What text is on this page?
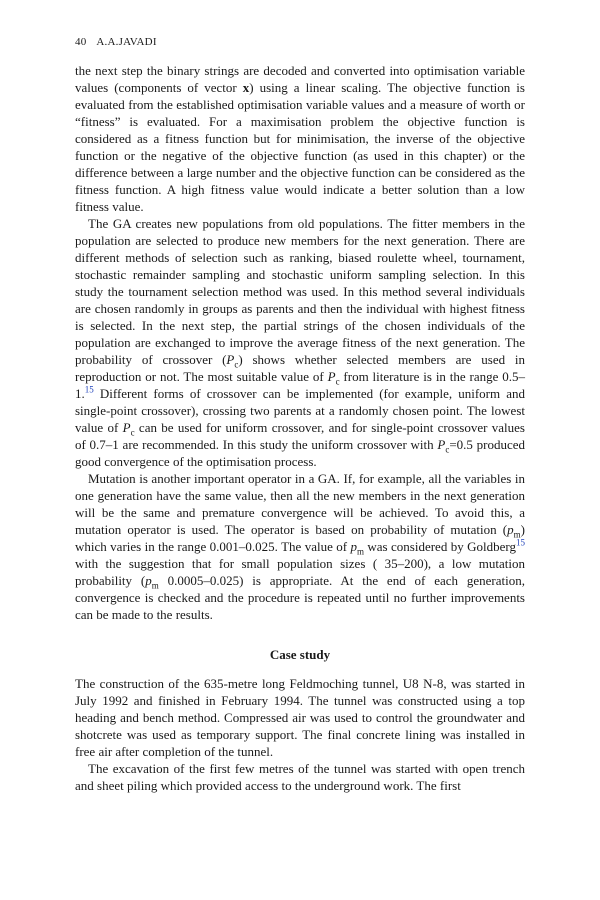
40 A.A.JAVADI

the next step the binary strings are decoded and converted into optimisation variable values (components of vector x) using a linear scaling. The objective function is evaluated from the established optimisation variable values and a measure of worth or “fitness” is evaluated. For a maximisation problem the objective function is considered as a fitness function but for minimisation, the inverse of the objective function or the negative of the objective function (as used in this chapter) or the difference between a large number and the objective function can be considered as the fitness function. A high fitness value would indicate a better solution than a low fitness value.

The GA creates new populations from old populations. The fitter members in the population are selected to produce new members for the next generation. There are different methods of selection such as ranking, biased roulette wheel, tournament, stochastic remainder sampling and stochastic uniform sampling selection. In this study the tournament selection method was used. In this method several individuals are chosen randomly in groups as parents and then the individual with highest fitness is selected. In the next step, the partial strings of the chosen individuals of the population are exchanged to improve the average fitness of the next generation. The probability of crossover $(P_c)$ shows whether selected members are used in reproduction or not. The most suitable value of $P_c$ from literature is in the range 0.5–1.15 Different forms of crossover can be implemented (for example, uniform and single-point crossover), crossing two parents at a randomly chosen point. The lowest value of $P_c$ can be used for uniform crossover, and for single-point crossover values of 0.7–1 are recommended. In this study the uniform crossover with $P_c=0.5$ produced good convergence of the optimisation process.

Mutation is another important operator in a GA. If, for example, all the variables in one generation have the same value, then all the new members in the next generation will be the same and premature convergence will be achieved. To avoid this, a mutation operator is used. The operator is based on probability of mutation $(p_m)$ which varies in the range 0.001–0.025. The value of $p_m$ was considered by Goldberg$^{15}$ with the suggestion that for small population sizes ( 35–200), a low mutation probability ($p_m$ 0.0005–0.025) is appropriate. At the end of each generation, convergence is checked and the procedure is repeated until no further improvements can be made to the results.

Case study

The construction of the 635-metre long Feldmoching tunnel, U8 N-8, was started in July 1992 and finished in February 1994. The tunnel was constructed using a top heading and bench method. Compressed air was used to control the groundwater and shotcrete was used as temporary support. The final concrete lining was installed in free air after completion of the tunnel.

The excavation of the first few metres of the tunnel was started with open trench and sheet piling which provided access to the underground work. The first
